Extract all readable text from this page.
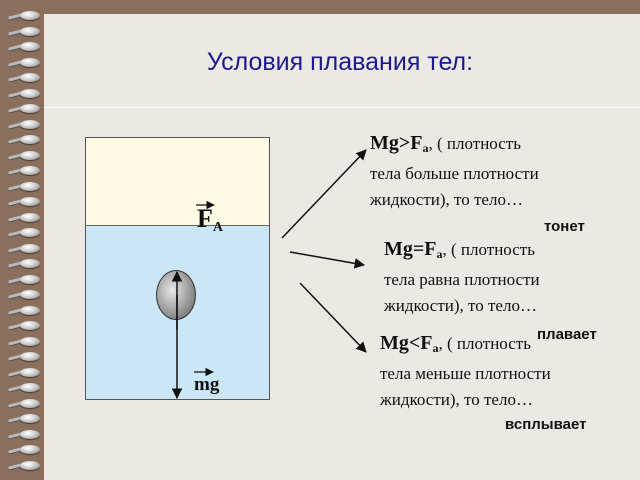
Условия плавания тел:
$F_A$
mg
$Mg>F_a$, ( плотность
тела больше плотности
жидкости), то тело…
тонет
$Mg=F_a$, ( плотность
тела равна плотности
жидкости), то тело…
плавает
$Mg<F_a$, ( плотность
тела меньше плотности
жидкости), то тело…
всплывает
